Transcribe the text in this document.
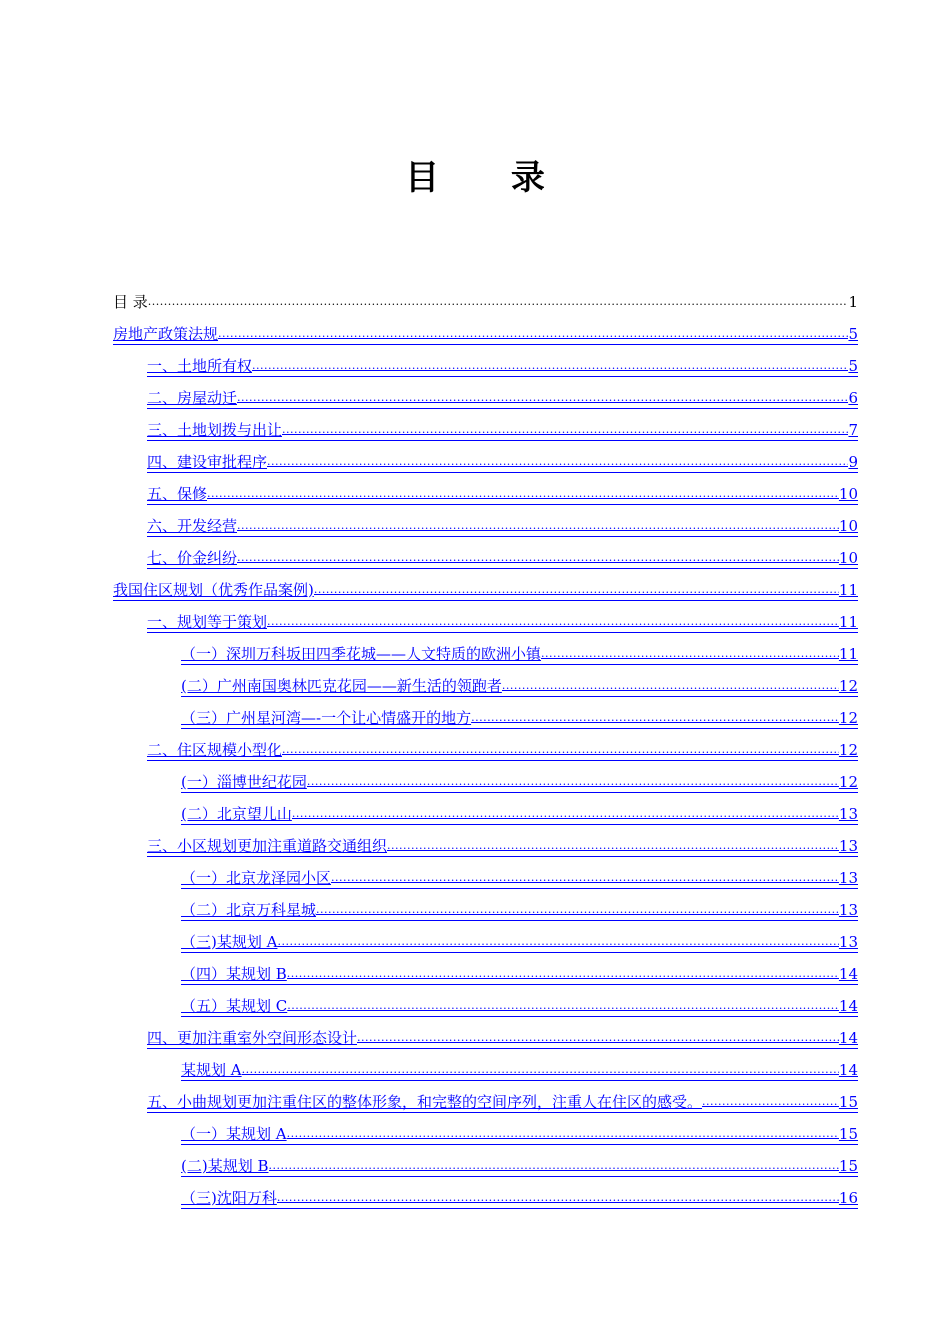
目 录
目 录 .....	1
房地产政策法规 .....	5
一、土地所有权 .....	5
二、房屋动迁 .....	6
三、土地划拨与出让 .....	7
四、建设审批程序 .....	9
五、保修 .....	10
六、开发经营 .....	10
七、价金纠纷 .....	10
我国住区规划（优秀作品案例) .....	11
一、规划等于策划 .....	11
（一）深圳万科坂田四季花城——人文特质的欧洲小镇 .....	11
(二）广州南国奥林匹克花园——新生活的领跑者 .....	12
（三）广州星河湾—-一个让心情盛开的地方 .....	12
二、住区规模小型化 .....	12
(一）淄博世纪花园 .....	12
(二）北京望儿山 .....	13
三、小区规划更加注重道路交通组织 .....	13
（一）北京龙泽园小区 .....	13
（二）北京万科星城 .....	13
（三)某规划 A .....	13
（四）某规划 B .....	14
（五）某规划 C .....	14
四、更加注重室外空间形态设计 .....	14
某规划 A .....	14
五、小曲规划更加注重住区的整体形象，和完整的空间序列，注重人在住区的感受。 .....	15
（一）某规划 A .....	15
(二)某规划 B .....	15
（三)沈阳万科 .....	16
